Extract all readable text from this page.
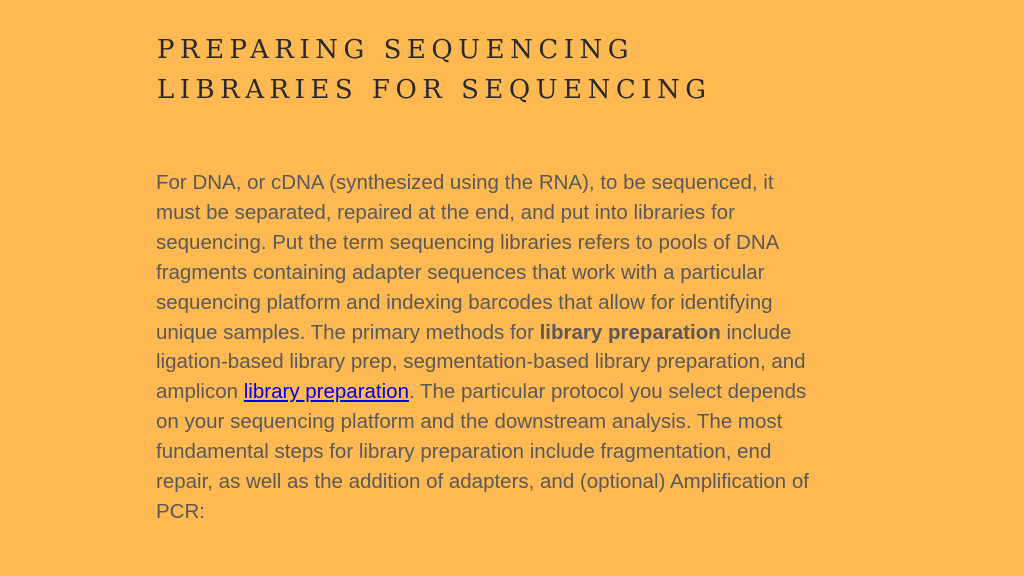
PREPARING SEQUENCING
LIBRARIES FOR SEQUENCING

For DNA, or cDNA (synthesized using the RNA), to be sequenced, it
must be separated, repaired at the end, and put into libraries for
sequencing. Put the term sequencing libraries refers to pools of DNA
fragments containing adapter sequences that work with a particular
sequencing platform and indexing barcodes that allow for identifying
unique samples. The primary methods for library preparation include
ligation-based library prep, segmentation-based library preparation, and
amplicon library preparation. The particular protocol you select depends
on your sequencing platform and the downstream analysis. The most
fundamental steps for library preparation include fragmentation, end
repair, as well as the addition of adapters, and (optional) Amplification of
PCR:
